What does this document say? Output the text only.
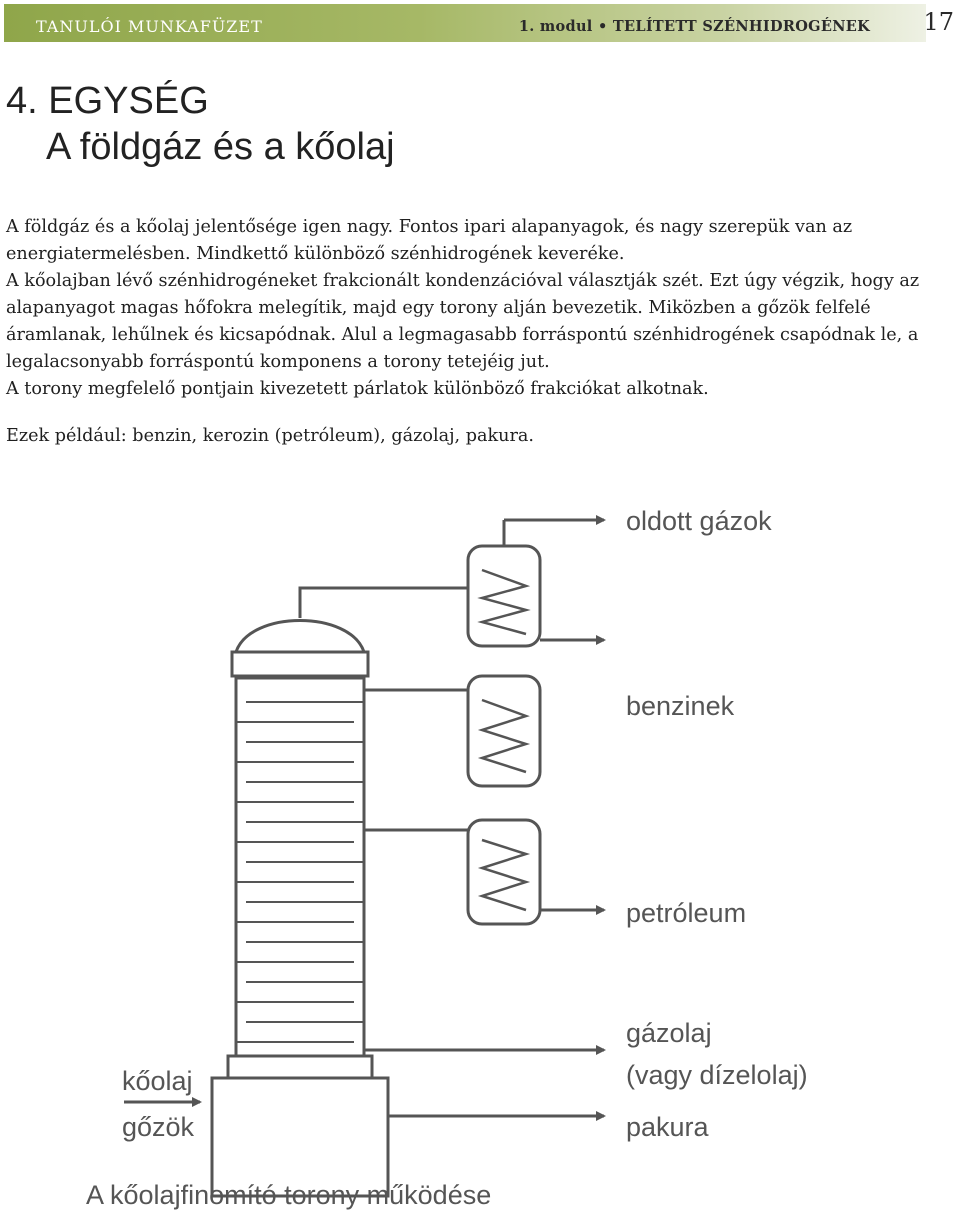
TANULÓI MUNKAFÜZET	1. modul • TELÍTETT SZÉNHIDROGÉNEK 17
4. EGYSÉG
A földgáz és a kőolaj

A földgáz és a kőolaj jelentősége igen nagy. Fontos ipari alapanyagok, és nagy szerepük van az energiatermelésben. Mindkettő különböző szénhidrogének keveréke.

A kőolajban lévő szénhidrogéneket frakcionált kondenzációval választják szét. Ezt úgy végzik, hogy az alapanyagot magas hőfokra melegítik, majd egy torony alján bevezetik. Miközben a gőzök felfelé áramlanak, lehűlnek és kicsapódnak. Alul a legmagasabb forráspontú szénhidrogének csapódnak le, a legalacsonyabb forráspontú komponens a torony tetejéig jut.

A torony megfelelő pontjain kivezetett párlatok különböző frakciókat alkotnak.

Ezek például: benzin, kerozin (petróleum), gázolaj, pakura.
oldott gázok
benzinek
petróleum
gázolaj
(vagy dízelolaj)
pakura
kőolaj
gőzök
A kőolajfinomító torony működése
